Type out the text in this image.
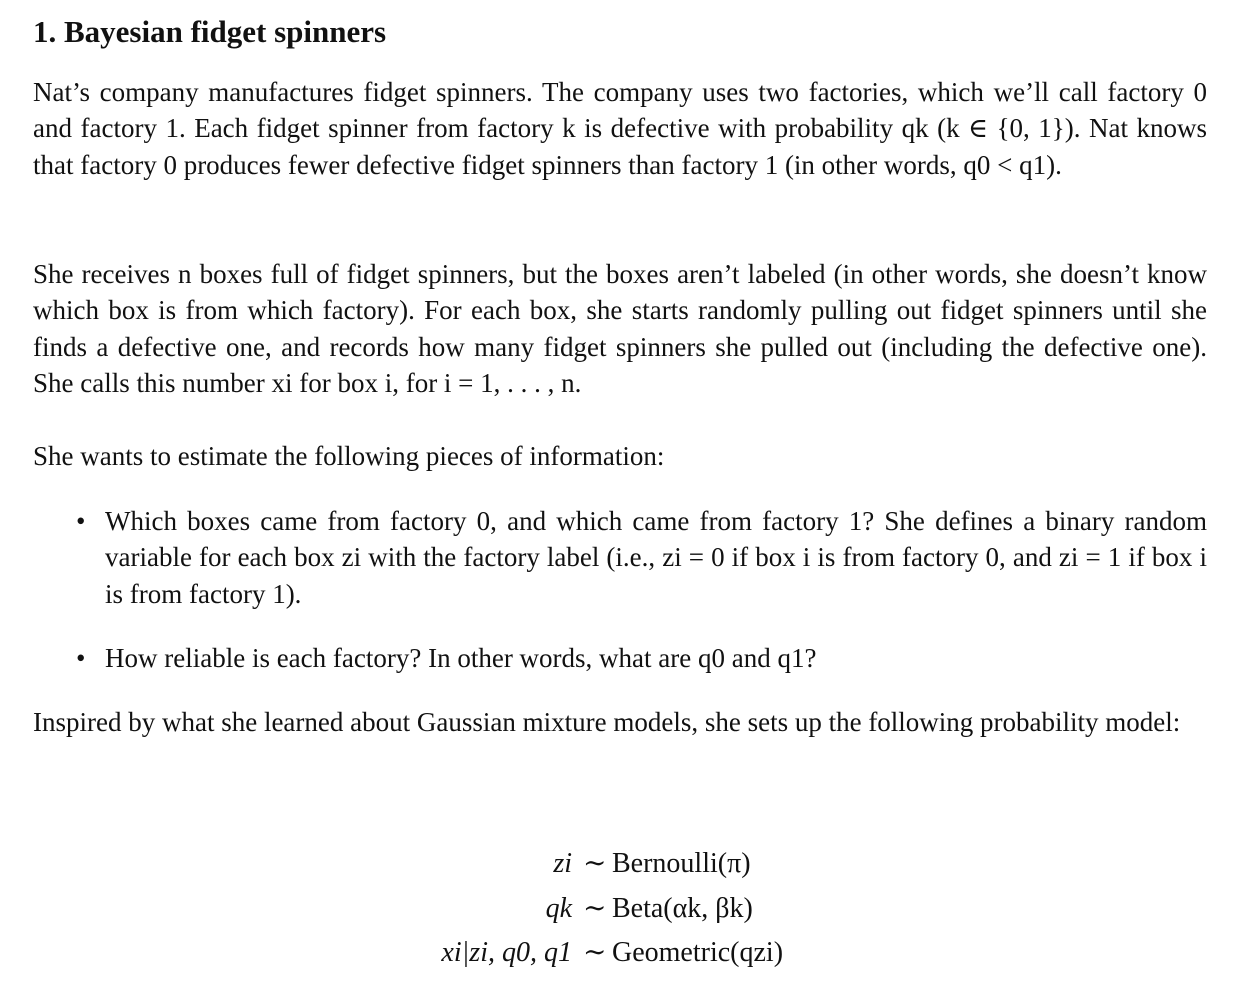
1. Bayesian fidget spinners

Nat’s company manufactures fidget spinners. The company uses two factories, which we’ll call factory 0 and factory 1. Each fidget spinner from factory k is defective with probability qk (k ∈ {0, 1}). Nat knows that factory 0 produces fewer defective fidget spinners than factory 1 (in other words, q0 < q1).

She receives n boxes full of fidget spinners, but the boxes aren’t labeled (in other words, she doesn’t know which box is from which factory). For each box, she starts randomly pulling out fidget spinners until she finds a defective one, and records how many fidget spinners she pulled out (including the defective one). She calls this number xi for box i, for i = 1, . . . , n.

She wants to estimate the following pieces of information:

• Which boxes came from factory 0, and which came from factory 1? She defines a binary random variable for each box zi with the factory label (i.e., zi = 0 if box i is from factory 0, and zi = 1 if box i is from factory 1).
• How reliable is each factory? In other words, what are q0 and q1?

Inspired by what she learned about Gaussian mixture models, she sets up the following probability model:

zi ∼ Bernoulli(π)
qk ∼ Beta(αk, βk)
xi|zi, q0, q1 ∼ Geometric(qzi)
